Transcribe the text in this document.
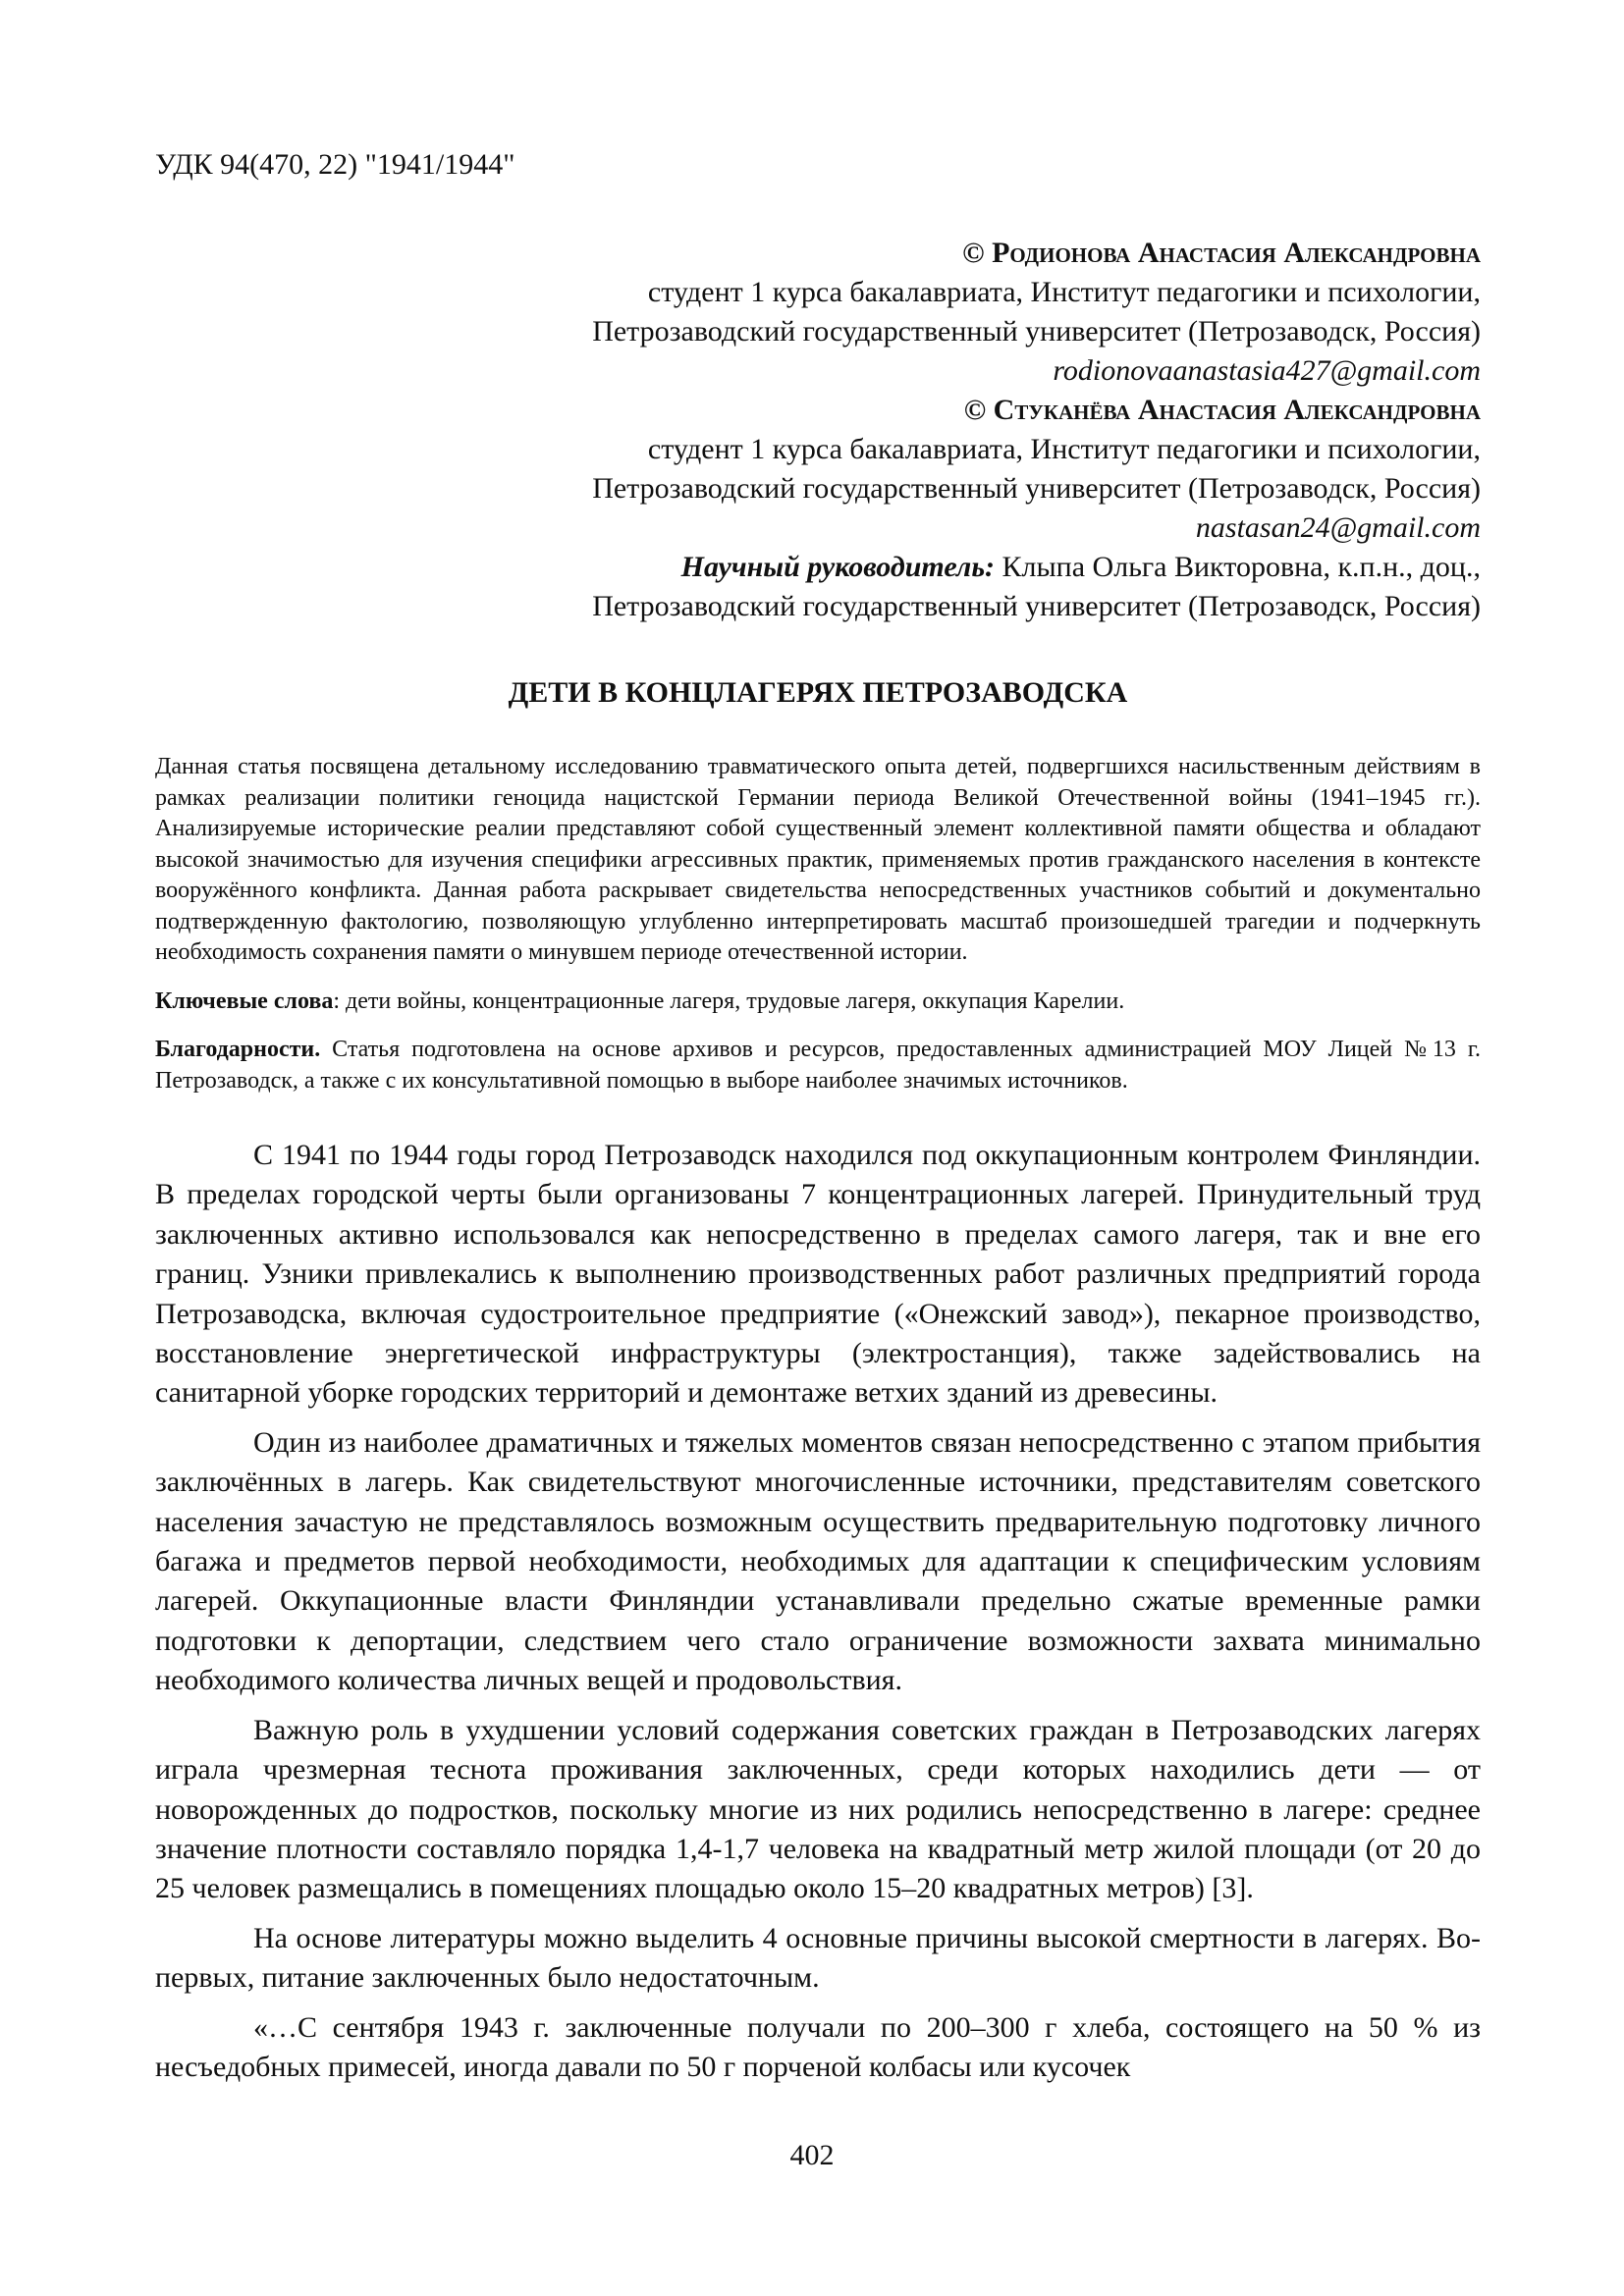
УДК 94(470, 22) "1941/1944"
© Родионова Анастасия Александровна
студент 1 курса бакалавриата, Институт педагогики и психологии,
Петрозаводский государственный университет (Петрозаводск, Россия)
rodionovaanastasia427@gmail.com
© Стуканёва Анастасия Александровна
студент 1 курса бакалавриата, Институт педагогики и психологии,
Петрозаводский государственный университет (Петрозаводск, Россия)
nastasan24@gmail.com
Научный руководитель: Клыпа Ольга Викторовна, к.п.н., доц.,
Петрозаводский государственный университет (Петрозаводск, Россия)
ДЕТИ В КОНЦЛАГЕРЯХ ПЕТРОЗАВОДСКА

Данная статья посвящена детальному исследованию травматического опыта детей, подвергшихся насильственным действиям в рамках реализации политики геноцида нацистской Германии периода Великой Отечественной войны (1941–1945 гг.). Анализируемые исторические реалии представляют собой существенный элемент коллективной памяти общества и обладают высокой значимостью для изучения специфики агрессивных практик, применяемых против гражданского населения в контексте вооружённого конфликта. Данная работа раскрывает свидетельства непосредственных участников событий и документально подтвержденную фактологию, позволяющую углубленно интерпретировать масштаб произошедшей трагедии и подчеркнуть необходимость сохранения памяти о минувшем периоде отечественной истории.

Ключевые слова: дети войны, концентрационные лагеря, трудовые лагеря, оккупация Карелии.

Благодарности. Статья подготовлена на основе архивов и ресурсов, предоставленных администрацией МОУ Лицей №13 г. Петрозаводск, а также с их консультативной помощью в выборе наиболее значимых источников.

С 1941 по 1944 годы город Петрозаводск находился под оккупационным контролем Финляндии. В пределах городской черты были организованы 7 концентрационных лагерей. Принудительный труд заключенных активно использовался как непосредственно в пределах самого лагеря, так и вне его границ. Узники привлекались к выполнению производственных работ различных предприятий города Петрозаводска, включая судостроительное предприятие («Онежский завод»), пекарное производство, восстановление энергетической инфраструктуры (электростанция), также задействовались на санитарной уборке городских территорий и демонтаже ветхих зданий из древесины.

Один из наиболее драматичных и тяжелых моментов связан непосредственно с этапом прибытия заключённых в лагерь. Как свидетельствуют многочисленные источники, представителям советского населения зачастую не представлялось возможным осуществить предварительную подготовку личного багажа и предметов первой необходимости, необходимых для адаптации к специфическим условиям лагерей. Оккупационные власти Финляндии устанавливали предельно сжатые временные рамки подготовки к депортации, следствием чего стало ограничение возможности захвата минимально необходимого количества личных вещей и продовольствия.

Важную роль в ухудшении условий содержания советских граждан в Петрозаводских лагерях играла чрезмерная теснота проживания заключенных, среди которых находились дети — от новорожденных до подростков, поскольку многие из них родились непосредственно в лагере: среднее значение плотности составляло порядка 1,4-1,7 человека на квадратный метр жилой площади (от 20 до 25 человек размещались в помещениях площадью около 15–20 квадратных метров) [3].

На основе литературы можно выделить 4 основные причины высокой смертности в лагерях. Во-первых, питание заключенных было недостаточным.

«…С сентября 1943 г. заключенные получали по 200–300 г хлеба, состоящего на 50 % из несъедобных примесей, иногда давали по 50 г порченой колбасы или кусочек

402
